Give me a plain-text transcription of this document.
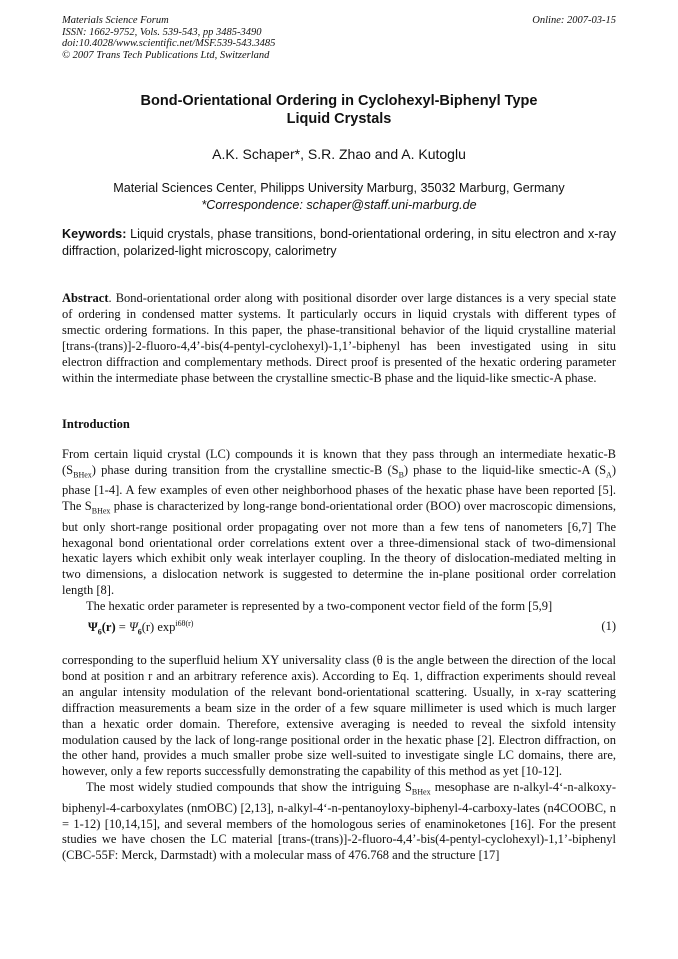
Materials Science Forum
ISSN: 1662-9752, Vols. 539-543, pp 3485-3490
doi:10.4028/www.scientific.net/MSF.539-543.3485
© 2007 Trans Tech Publications Ltd, Switzerland
Online: 2007-03-15
Bond-Orientational Ordering in Cyclohexyl-Biphenyl Type
Liquid Crystals
A.K. Schaper*, S.R. Zhao and A. Kutoglu
Material Sciences Center, Philipps University Marburg, 35032 Marburg, Germany
*Correspondence: schaper@staff.uni-marburg.de
Keywords: Liquid crystals, phase transitions, bond-orientational ordering, in situ electron and x-ray diffraction, polarized-light microscopy, calorimetry
Abstract. Bond-orientational order along with positional disorder over large distances is a very special state of ordering in condensed matter systems. It particularly occurs in liquid crystals with different types of smectic ordering formations. In this paper, the phase-transitional behavior of the liquid crystalline material [trans-(trans)]-2-fluoro-4,4’-bis(4-pentyl-cyclohexyl)-1,1’-biphenyl has been investigated using in situ electron diffraction and complementary methods. Direct proof is presented of the hexatic ordering parameter within the intermediate phase between the crystalline smectic-B phase and the liquid-like smectic-A phase.
Introduction

From certain liquid crystal (LC) compounds it is known that they pass through an intermediate hexatic-B $(S_{BHex})$ phase during transition from the crystalline smectic-B $(S_B)$ phase to the liquid-like smectic-A $(S_A)$ phase [1-4]. A few examples of even other neighborhood phases of the hexatic phase have been reported [5]. The $S_{BHex}$ phase is characterized by long-range bond-orientational order (BOO) over macroscopic dimensions, but only short-range positional order propagating over not more than a few tens of nanometers [6,7] The hexagonal bond orientational order correlations extent over a three-dimensional stack of two-dimensional hexatic layers which exhibit only weak interlayer coupling. In the theory of dislocation-mediated melting in two dimensions, a dislocation network is suggested to determine the in-plane positional order correlation length [8].

The hexatic order parameter is represented by a two-component vector field of the form [5,9]

$\Psi_6(r) = \Psi_6(r)$ $\exp^{i6\theta(r)}$	(1)

corresponding to the superfluid helium XY universality class (θ is the angle between the direction of the local bond at position r and an arbitrary reference axis). According to Eq. 1, diffraction experiments should reveal an angular intensity modulation of the relevant bond-orientational scattering. Usually, in x-ray scattering diffraction measurements a beam size in the order of a few square millimeter is used which is much larger than a hexatic order domain. Therefore, extensive averaging is needed to reveal the sixfold intensity modulation caused by the lack of long-range positional order in the hexatic phase [2]. Electron diffraction, on the other hand, provides a much smaller probe size well-suited to investigate single LC domains, there are, however, only a few reports successfully demonstrating the capability of this method as yet [10-12].

The most widely studied compounds that show the intriguing $S_{BHex}$ mesophase are n-alkyl-4‘-n-alkoxy-biphenyl-4-carboxylates (nmOBC) [2,13], n-alkyl-4‘-n-pentanoyloxy-biphenyl-4-carboxy-lates (n4COOBC, n = 1-12) [10,14,15], and several members of the homologous series of enaminoketones [16]. For the present studies we have chosen the LC material [trans-(trans)]-2-fluoro-4,4’-bis(4-pentyl-cyclohexyl)-1,1’-biphenyl (CBC-55F: Merck, Darmstadt) with a molecular mass of 476.768 and the structure [17]
